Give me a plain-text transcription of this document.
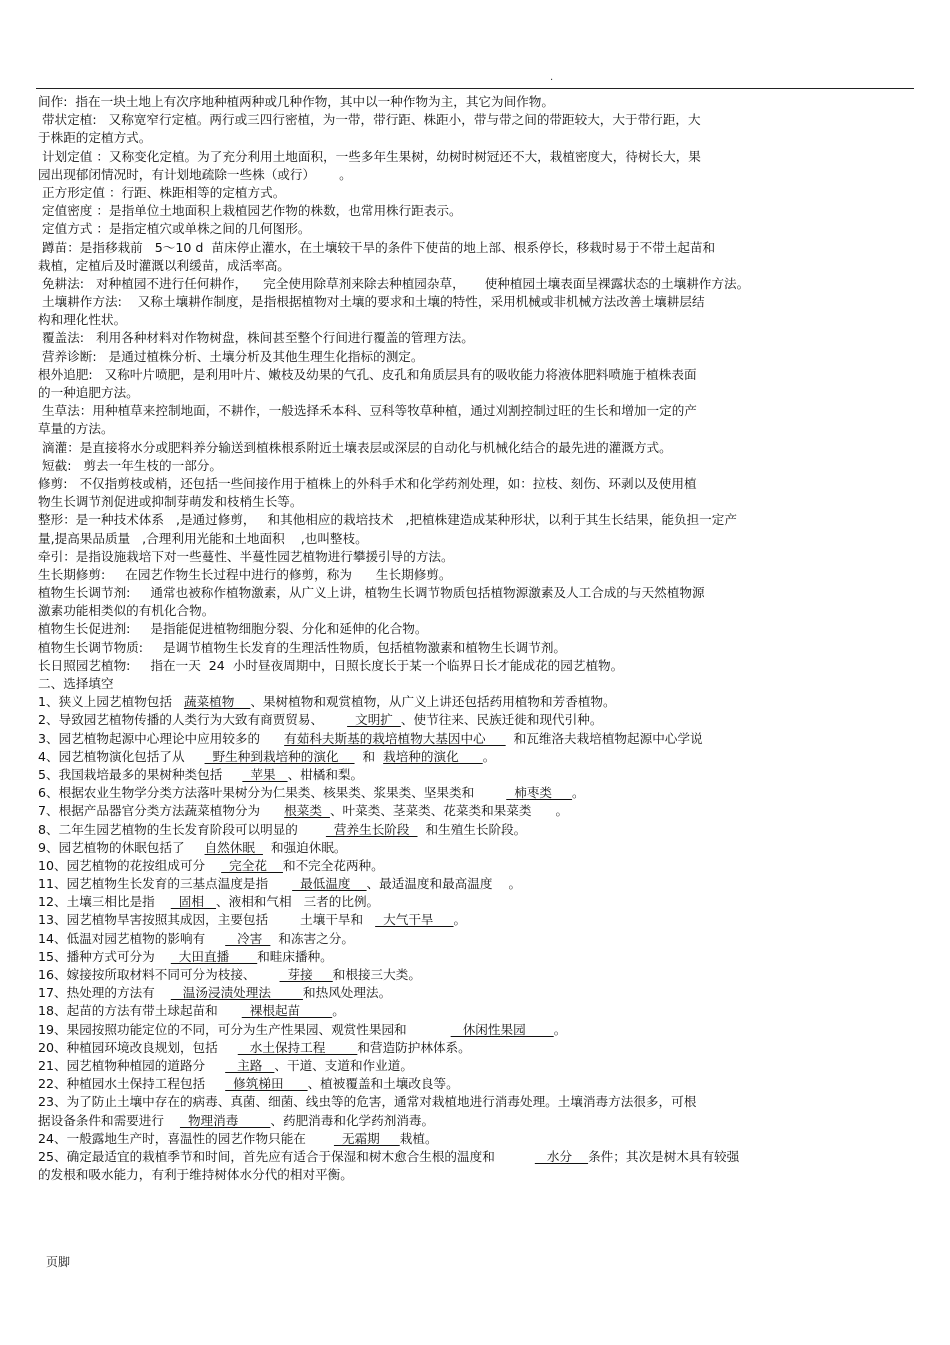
.
间作:  指在一块土地上有次序地种植两种或几种作物，其中以一种作物为主，其它为间作物。
带状定植:   又称宽窄行定植。两行或三四行密植，为一带，带行距、株距小，带与带之间的带距较大，大于带行距，大
于株距的定植方式。
计划定值 ：又称变化定植。为了充分利用土地面积，一些多年生果树，幼树时树冠还不大，栽植密度大，待树长大，果
园出现郁闭情况时，有计划地疏除一些株（或行）      。
正方形定值 ：行距、株距相等的定植方式。
定值密度 ：是指单位土地面积上栽植园艺作物的株数，也常用株行距表示。
定值方式 ：是指定植穴或单株之间的几何图形。
蹲苗：是指移栽前   5～10 d  苗床停止灌水，在土壤较干旱的条件下使苗的地上部、根系停长，移栽时易于不带土起苗和
栽植，定植后及时灌溉以利缓苗，成活率高。
免耕法:   对种植园不进行任何耕作，    完全使用除草剂来除去种植园杂草，     使种植园土壤表面呈裸露状态的土壤耕作方法。
土壤耕作方法:    又称土壤耕作制度，是指根据植物对土壤的要求和土壤的特性，采用机械或非机械方法改善土壤耕层结
构和理化性状。
覆盖法:   利用各种材料对作物树盘，株间甚至整个行间进行覆盖的管理方法。
营养诊断:   是通过植株分析、土壤分析及其他生理生化指标的测定。
根外追肥:   又称叶片喷肥，是利用叶片、嫩枝及幼果的气孔、皮孔和角质层具有的吸收能力将液体肥料喷施于植株表面
的一种追肥方法。
生草法：用种植草来控制地面，不耕作，一般选择禾本科、豆科等牧草种植，通过刈割控制过旺的生长和增加一定的产
草量的方法。
滴灌：是直接将水分或肥料养分输送到植株根系附近土壤表层或深层的自动化与机械化结合的最先进的灌溉方式。
短截:   剪去一年生枝的一部分。
修剪:   不仅指剪枝或梢，还包括一些间接作用于植株上的外科手术和化学药剂处理，如：拉枝、刻伤、环剥以及使用植
物生长调节剂促进或抑制芽萌发和枝梢生长等。
整形：是一种技术体系   ,是通过修剪，   和其他相应的栽培技术   ,把植株建造成某种形状，以利于其生长结果，能负担一定产
量,提高果品质量   ,合理利用光能和土地面积    ,也叫整枝。
牵引：是指设施栽培下对一些蔓性、半蔓性园艺植物进行攀援引导的方法。
生长期修剪:     在园艺作物生长过程中进行的修剪，称为      生长期修剪。
植物生长调节剂:     通常也被称作植物激素，从广义上讲，植物生长调节物质包括植物源激素及人工合成的与天然植物源
激素功能相类似的有机化合物。
植物生长促进剂:     是指能促进植物细胞分裂、分化和延伸的化合物。
植物生长调节物质:     是调节植物生长发育的生理活性物质，包括植物激素和植物生长调节剂。
长日照园艺植物:     指在一天  24  小时昼夜周期中，日照长度长于某一个临界日长才能成花的园艺植物。
二、选择填空
1、狭义上园艺植物包括   蔬菜植物    、果树植物和观赏植物，从广义上讲还包括药用植物和芳香植物。
2、导致园艺植物传播的人类行为大致有商贾贸易、        文明扩  、使节往来、民族迁徙和现代引种。
3、园艺植物起源中心理论中应用较多的      有茹科夫斯基的栽培植物大基因中心       和瓦维洛夫栽培植物起源中心学说
4、园艺植物演化包括了从       野生种到栽培种的演化      和  栽培种的演化      。
5、我国栽培最多的果树种类包括       苹果   、柑橘和梨。
6、根据农业生物学分类方法落叶果树分为仁果类、核果类、浆果类、坚果类和          柿枣类     。
7、根据产品器官分类方法蔬菜植物分为      根菜类  、叶菜类、茎菜类、花菜类和果菜类      。
8、二年生园艺植物的生长发育阶段可以明显的         营养生长阶段    和生殖生长阶段。
9、园艺植物的休眠包括了     自然休眠    和强迫休眠。
10、园艺植物的花按组成可分      完全花    和不完全花两种。
11、园艺植物生长发育的三基点温度是指        最低温度    、最适温度和最高温度    。
12、土壤三相比是指      固相   、液相和气相   三者的比例。
13、园艺植物旱害按照其成因，主要包括        土壤干旱和     大气干旱     。
14、低温对园艺植物的影响有        冷害    和冻害之分。
15、播种方式可分为      大田直播       和畦床播种。
16、嫁接按所取材料不同可分为枝接、        芽接     和根接三大类。
17、热处理的方法有       温汤浸渍处理法        和热风处理法。
18、起苗的方法有带土球起苗和        裸根起苗        。
19、果园按照功能定位的不同，可分为生产性果园、观赏性果园和              休闲性果园       。
20、种植园环境改良规划，包括        水土保持工程        和营造防护林体系。
21、园艺植物种植园的道路分        主路   、干道、支道和作业道。
22、种植园水土保持工程包括       修筑梯田      、植被覆盖和土壤改良等。
23、为了防止土壤中存在的病毒、真菌、细菌、线虫等的危害，通常对栽植地进行消毒处理。土壤消毒方法很多，可根
据设备条件和需要进行      物理消毒        、药肥消毒和化学药剂消毒。
24、一般露地生产时，喜温性的园艺作物只能在         无霜期     栽植。
25、确定最适宜的栽植季节和时间，首先应有适合于保湿和树木愈合生根的温度和             水分    条件；其次是树木具有较强
的发根和吸水能力，有利于维持树体水分代的相对平衡。
页脚
